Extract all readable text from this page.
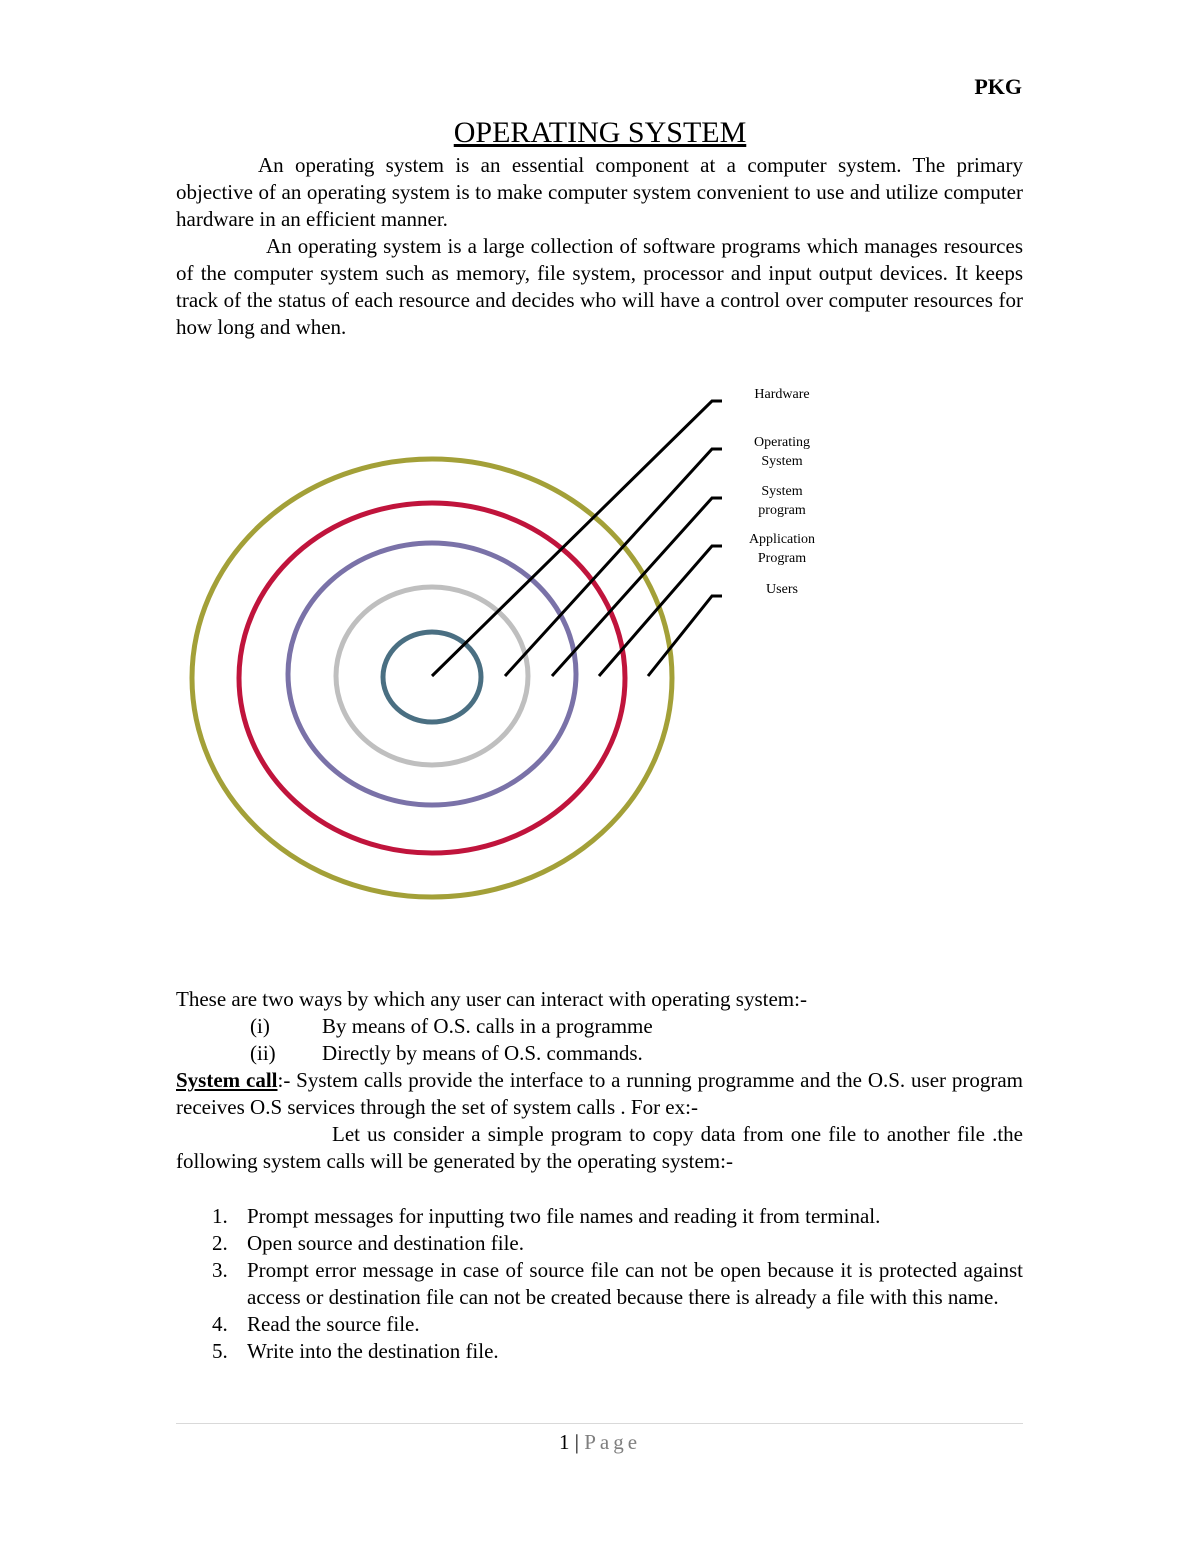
PKG
OPERATING SYSTEM

An operating system is an essential component at a computer system. The primary objective of an operating system is to make computer system convenient to use and utilize computer hardware in an efficient manner.

An operating system is a large collection of software programs which manages resources of the computer system such as memory, file system, processor and input output devices. It keeps track of the status of each resource and decides who will have a control over computer resources for how long and when.

Hardware
Operating
System
System
program
Application
Program
Users
These are two ways by which any user can interact with operating system:-
(i) By means of O.S. calls in a programme
(ii) Directly by means of O.S. commands.

System call:- System calls provide the interface to a running programme and the O.S. user program receives O.S services through the set of system calls . For ex:-

Let us consider a simple program to copy data from one file to another file .the following system calls will be generated by the operating system:-

1. Prompt messages for inputting two file names and reading it from terminal.
2. Open source and destination file.
3. Prompt error message in case of source file can not be open because it is protected against access or destination file can not be created because there is already a file with this name.
4. Read the source file.
5. Write into the destination file.
1 | Page
